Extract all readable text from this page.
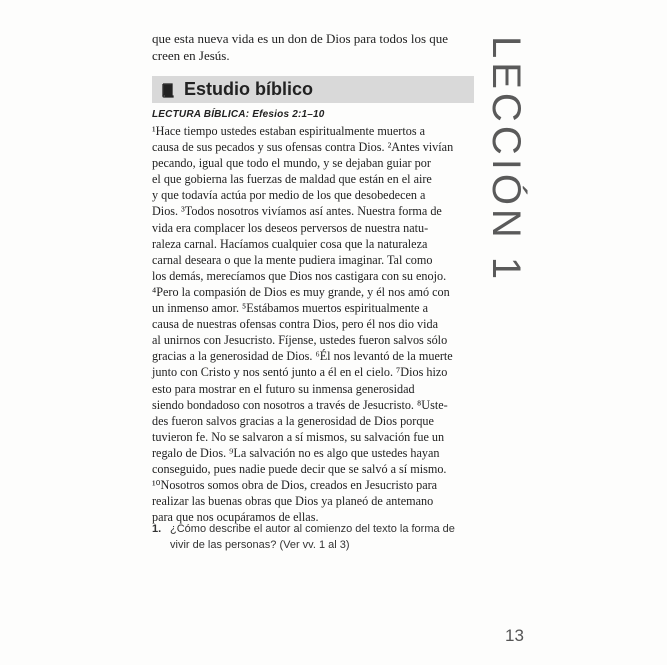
que esta nueva vida es un don de Dios para todos los que
creen en Jesús.
Estudio bíblico
LECTURA BÍBLICA: Efesios 2:1–10
¹Hace tiempo ustedes estaban espiritualmente muertos a
causa de sus pecados y sus ofensas contra Dios. ²Antes vivían
pecando, igual que todo el mundo, y se dejaban guiar por
el que gobierna las fuerzas de maldad que están en el aire
y que todavía actúa por medio de los que desobedecen a
Dios. ³Todos nosotros vivíamos así antes. Nuestra forma de
vida era complacer los deseos perversos de nuestra natu-
raleza carnal. Hacíamos cualquier cosa que la naturaleza
carnal deseara o que la mente pudiera imaginar. Tal como
los demás, merecíamos que Dios nos castigara con su enojo.
⁴Pero la compasión de Dios es muy grande, y él nos amó con
un inmenso amor. ⁵Estábamos muertos espiritualmente a
causa de nuestras ofensas contra Dios, pero él nos dio vida
al unirnos con Jesucristo. Fíjense, ustedes fueron salvos sólo
gracias a la generosidad de Dios. ⁶Él nos levantó de la muerte
junto con Cristo y nos sentó junto a él en el cielo. ⁷Dios hizo
esto para mostrar en el futuro su inmensa generosidad
siendo bondadoso con nosotros a través de Jesucristo. ⁸Uste-
des fueron salvos gracias a la generosidad de Dios porque
tuvieron fe. No se salvaron a sí mismos, su salvación fue un
regalo de Dios. ⁹La salvación no es algo que ustedes hayan
conseguido, pues nadie puede decir que se salvó a sí mismo.
¹⁰Nosotros somos obra de Dios, creados en Jesucristo para
realizar las buenas obras que Dios ya planeó de antemano
para que nos ocupáramos de ellas.
1. ¿Cómo describe el autor al comienzo del texto la forma de
vivir de las personas? (Ver vv. 1 al 3)
LECCIÓN 1
13
